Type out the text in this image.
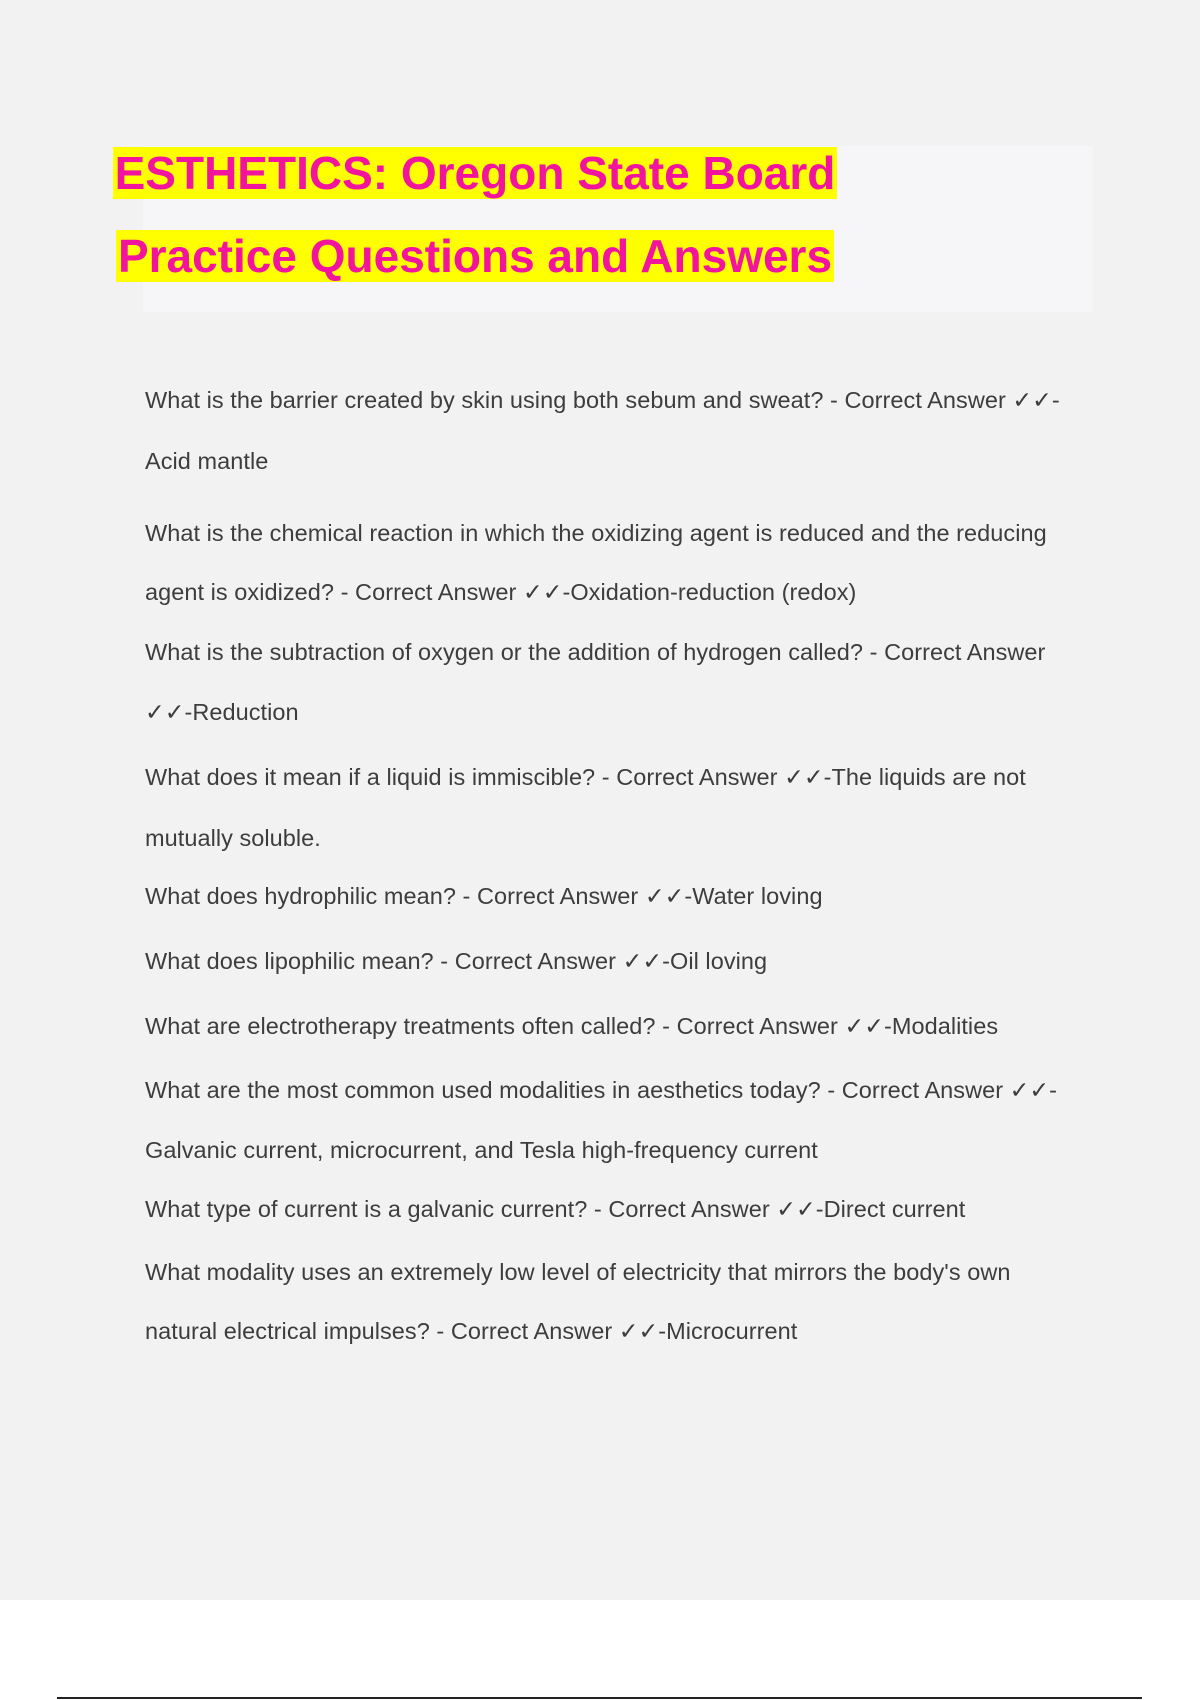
ESTHETICS: Oregon State Board
Practice Questions and Answers
What is the barrier created by skin using both sebum and sweat? - Correct Answer ✓✓-
Acid mantle
What is the chemical reaction in which the oxidizing agent is reduced and the reducing
agent is oxidized? - Correct Answer ✓✓-Oxidation-reduction (redox)
What is the subtraction of oxygen or the addition of hydrogen called? - Correct Answer
✓✓-Reduction
What does it mean if a liquid is immiscible? - Correct Answer ✓✓-The liquids are not
mutually soluble.
What does hydrophilic mean? - Correct Answer ✓✓-Water loving
What does lipophilic mean? - Correct Answer ✓✓-Oil loving
What are electrotherapy treatments often called? - Correct Answer ✓✓-Modalities
What are the most common used modalities in aesthetics today? - Correct Answer ✓✓-
Galvanic current, microcurrent, and Tesla high-frequency current
What type of current is a galvanic current? - Correct Answer ✓✓-Direct current
What modality uses an extremely low level of electricity that mirrors the body's own
natural electrical impulses? - Correct Answer ✓✓-Microcurrent
